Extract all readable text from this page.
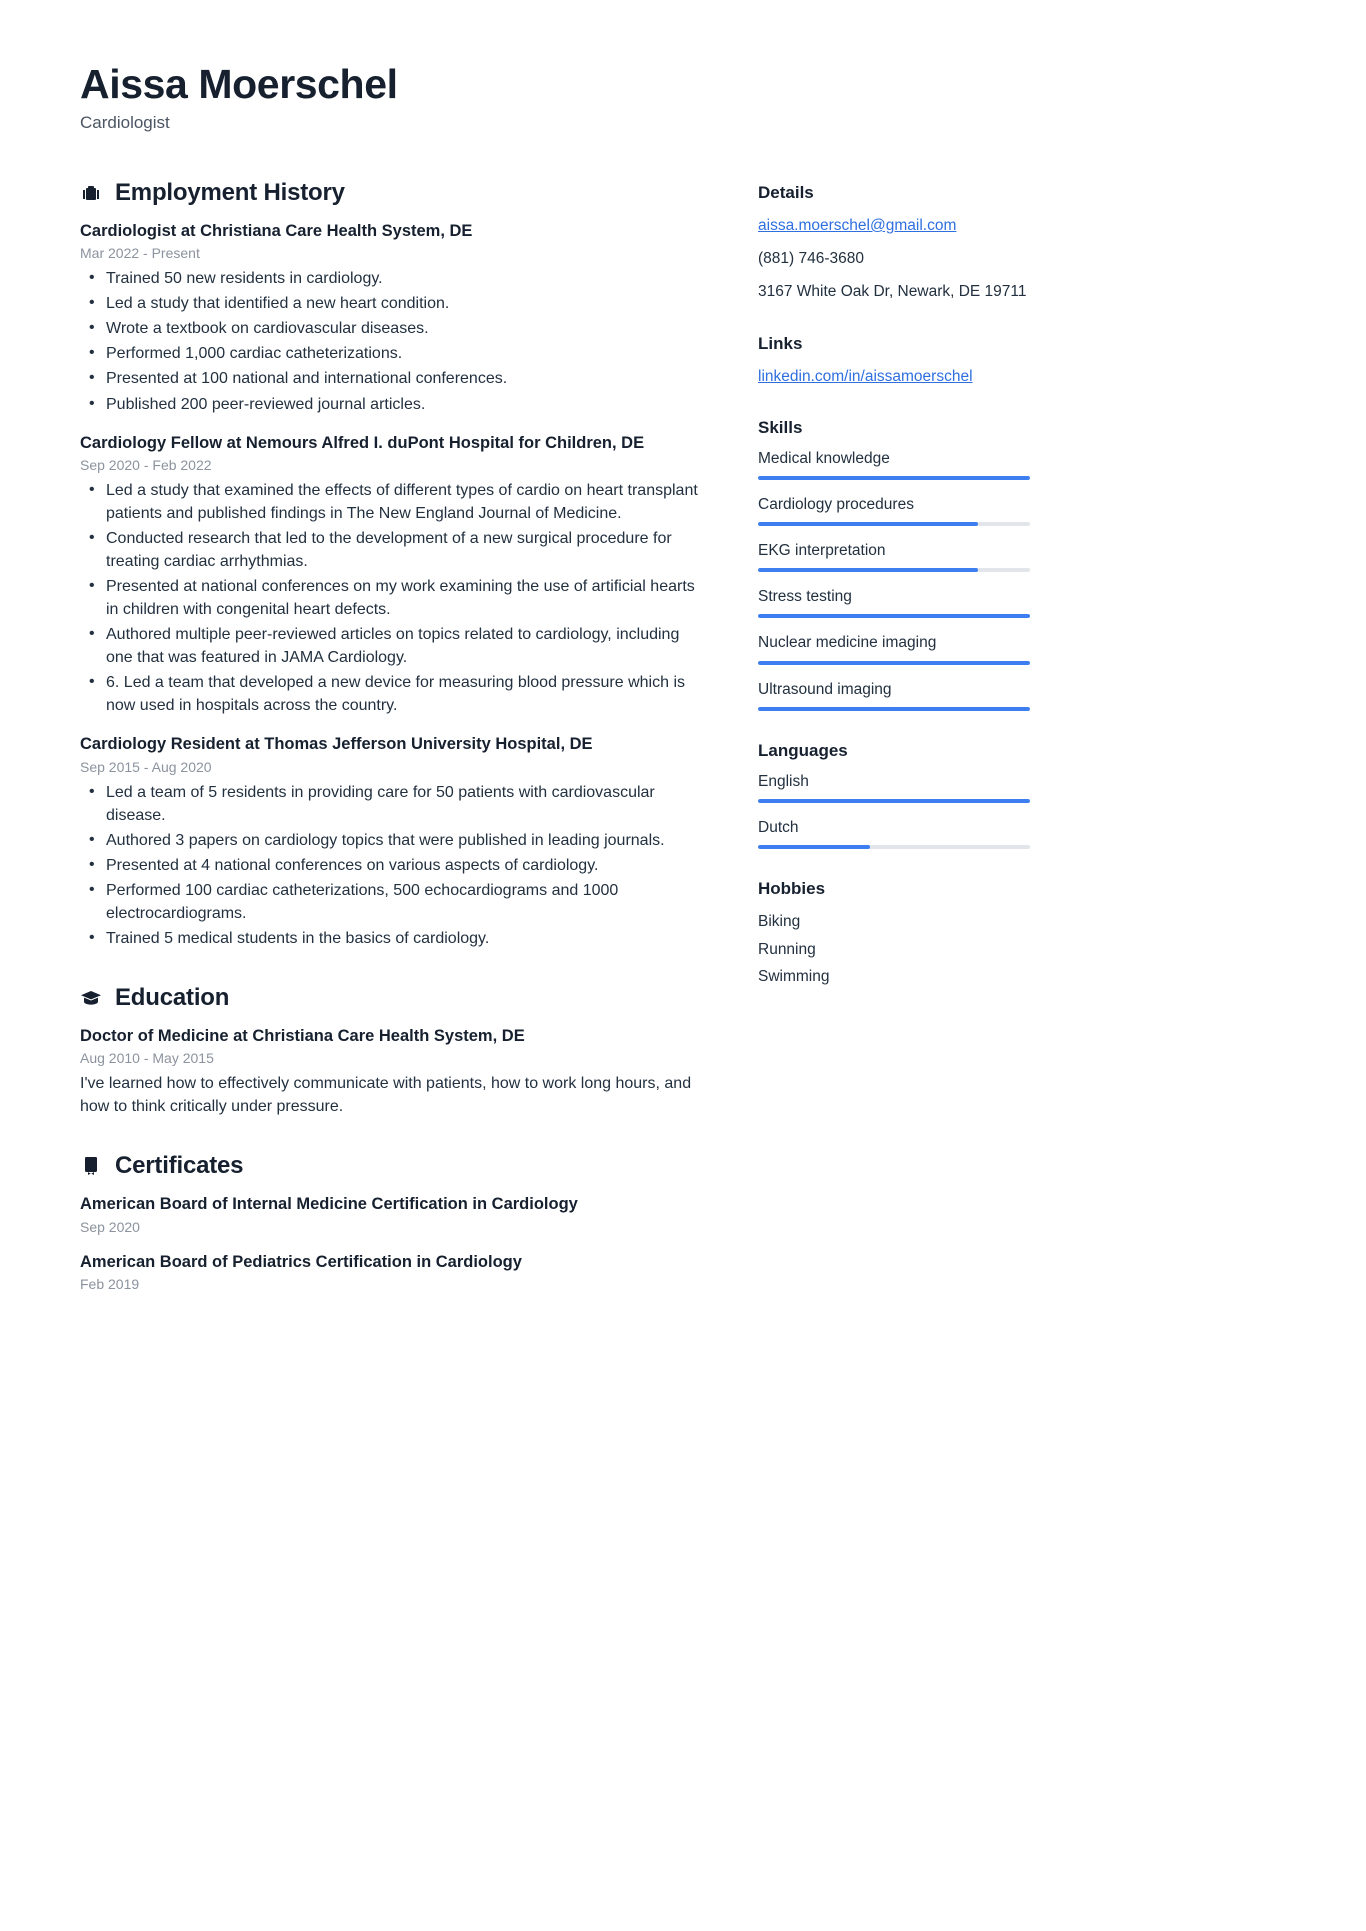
Aissa Moerschel
Cardiologist
Employment History
Cardiologist at Christiana Care Health System, DE
Mar 2022 - Present
• Trained 50 new residents in cardiology.
• Led a study that identified a new heart condition.
• Wrote a textbook on cardiovascular diseases.
• Performed 1,000 cardiac catheterizations.
• Presented at 100 national and international conferences.
• Published 200 peer-reviewed journal articles.
Cardiology Fellow at Nemours Alfred I. duPont Hospital for Children, DE
Sep 2020 - Feb 2022
• Led a study that examined the effects of different types of cardio on heart transplant patients and published findings in The New England Journal of Medicine.
• Conducted research that led to the development of a new surgical procedure for treating cardiac arrhythmias.
• Presented at national conferences on my work examining the use of artificial hearts in children with congenital heart defects.
• Authored multiple peer-reviewed articles on topics related to cardiology, including one that was featured in JAMA Cardiology.
• 6. Led a team that developed a new device for measuring blood pressure which is now used in hospitals across the country.
Cardiology Resident at Thomas Jefferson University Hospital, DE
Sep 2015 - Aug 2020
• Led a team of 5 residents in providing care for 50 patients with cardiovascular disease.
• Authored 3 papers on cardiology topics that were published in leading journals.
• Presented at 4 national conferences on various aspects of cardiology.
• Performed 100 cardiac catheterizations, 500 echocardiograms and 1000 electrocardiograms.
• Trained 5 medical students in the basics of cardiology.
Education
Doctor of Medicine at Christiana Care Health System, DE
Aug 2010 - May 2015
I've learned how to effectively communicate with patients, how to work long hours, and how to think critically under pressure.
Certificates
American Board of Internal Medicine Certification in Cardiology
Sep 2020
American Board of Pediatrics Certification in Cardiology
Feb 2019
Details
aissa.moerschel@gmail.com
(881) 746-3680
3167 White Oak Dr, Newark, DE 19711
Links
linkedin.com/in/aissamoerschel
Skills
Medical knowledge
Cardiology procedures
EKG interpretation
Stress testing
Nuclear medicine imaging
Ultrasound imaging
Languages
English
Dutch
Hobbies
Biking
Running
Swimming
